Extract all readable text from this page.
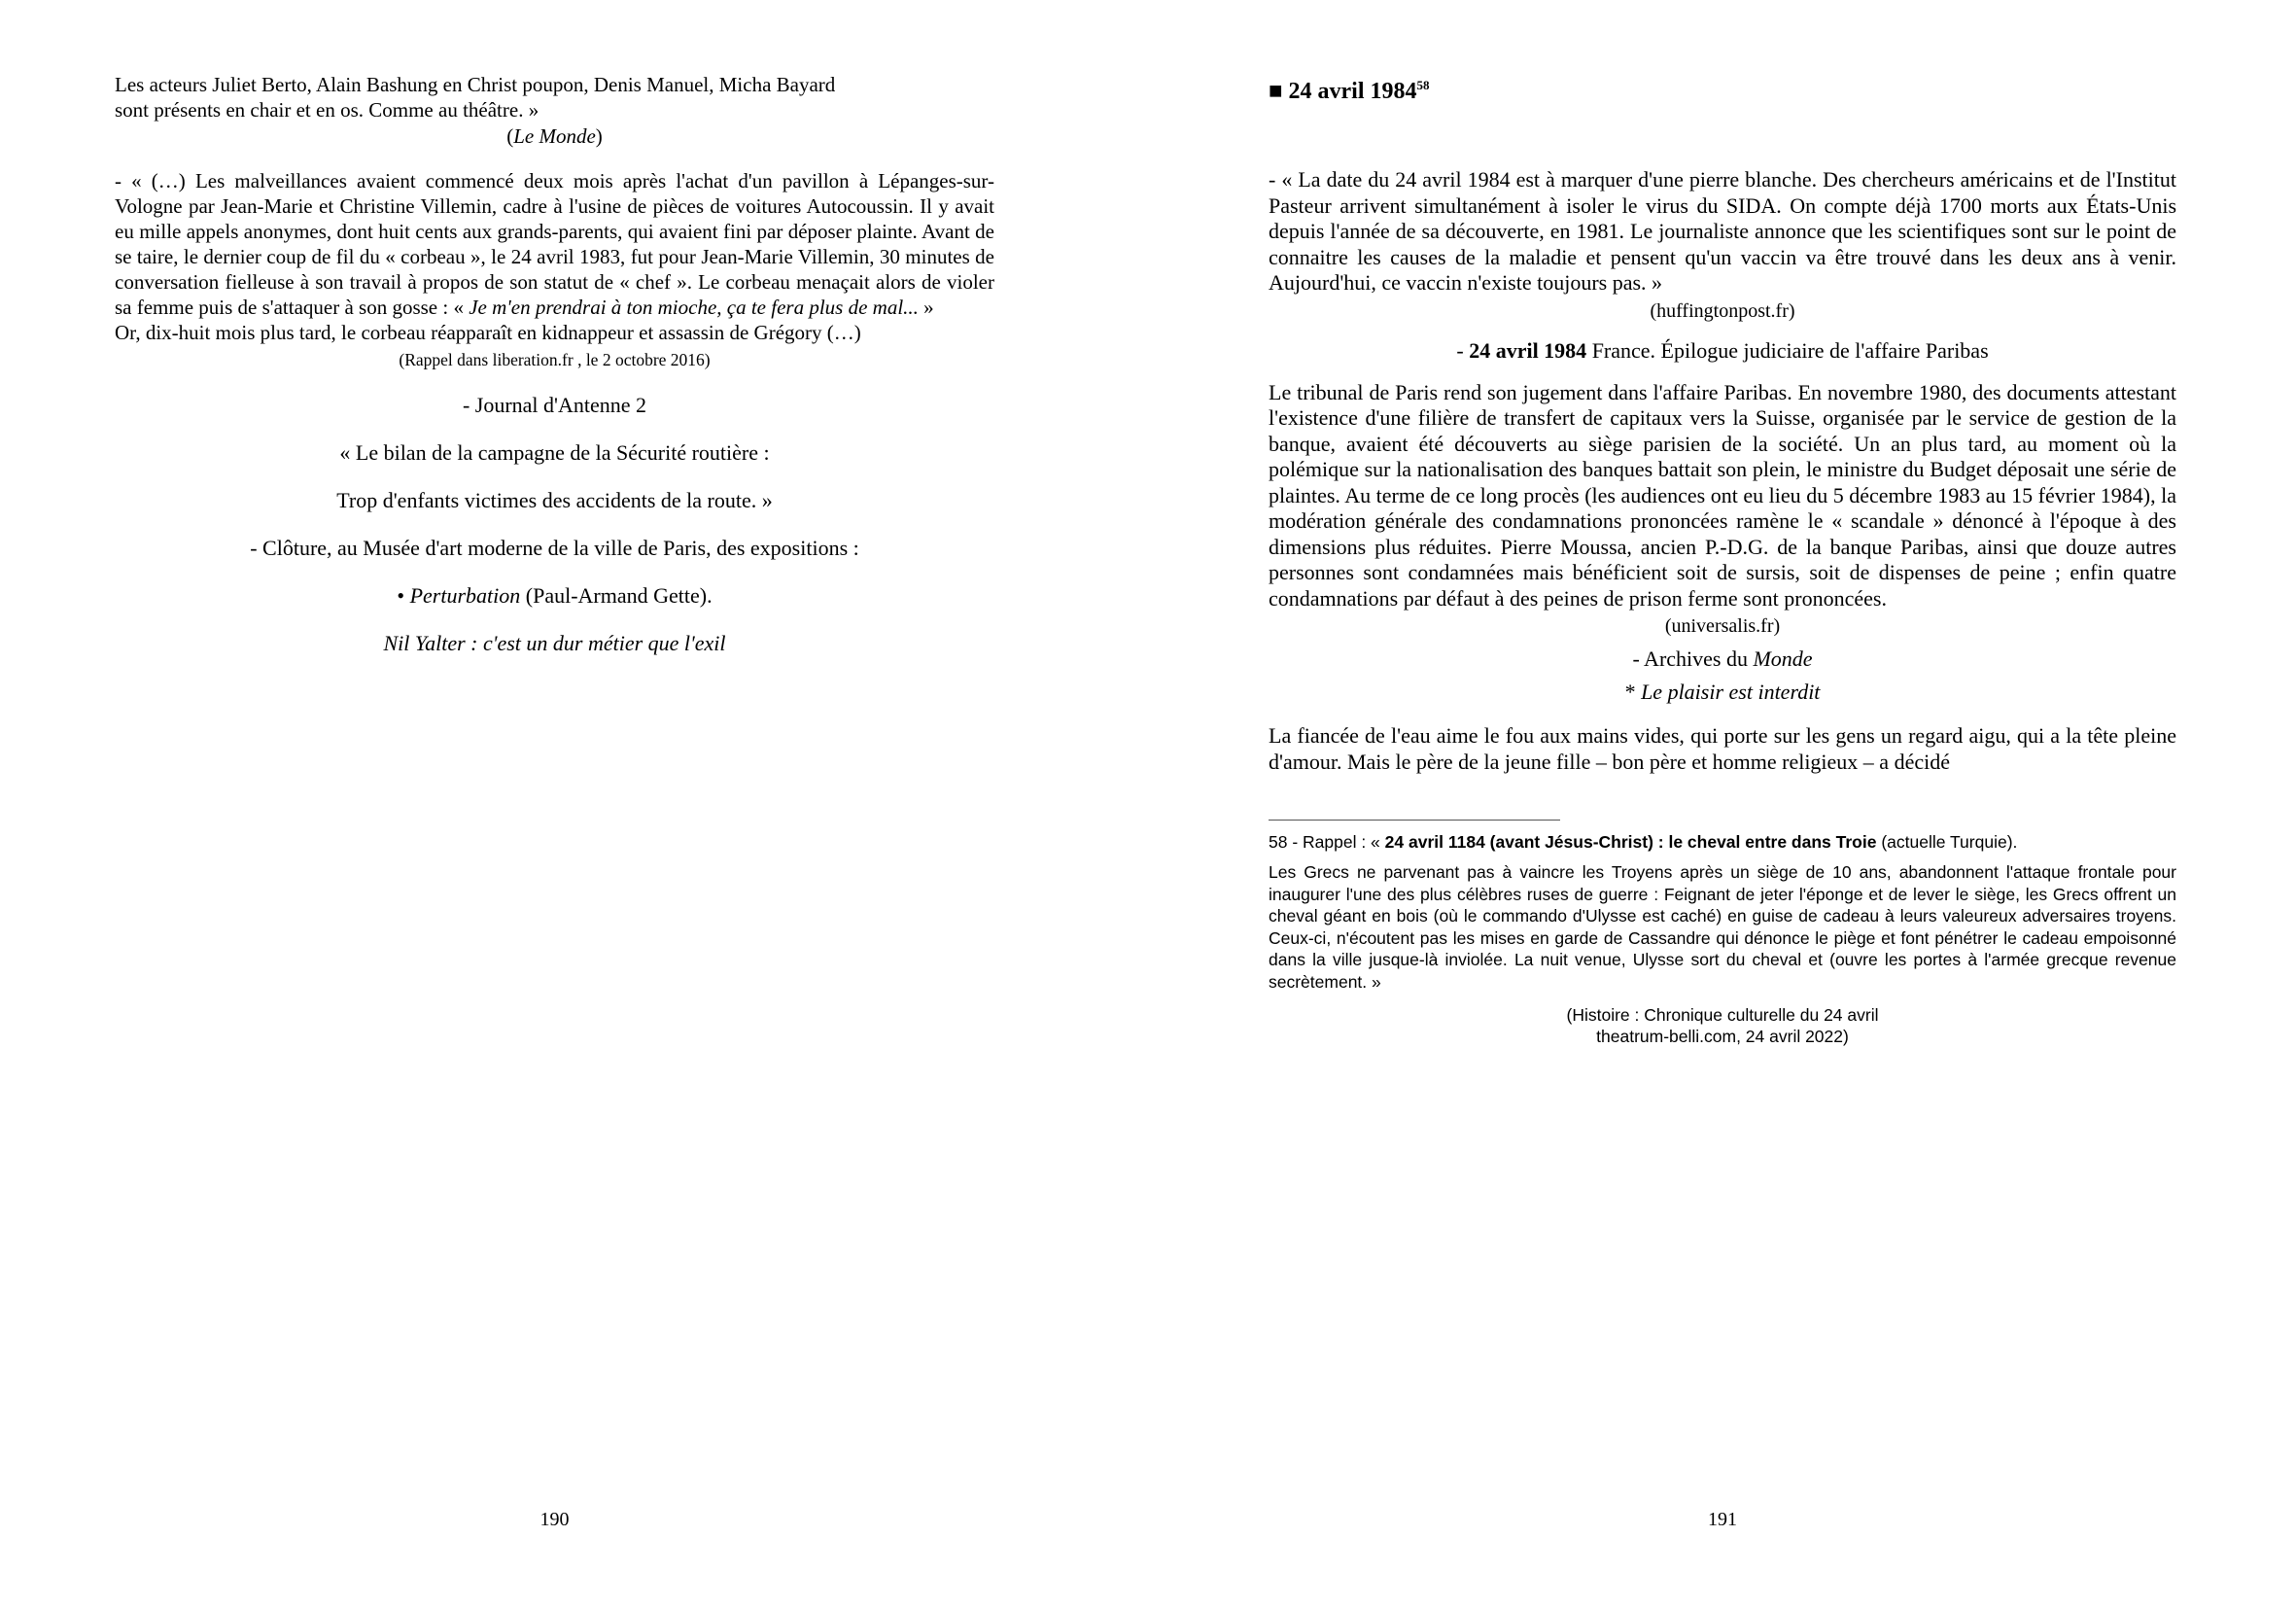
Les acteurs Juliet Berto, Alain Bashung en Christ poupon, Denis Manuel, Micha Bayard
sont présents en chair et en os. Comme au théâtre. »

(Le Monde)

- « (…) Les malveillances avaient commencé deux mois après l'achat d'un pavillon à Lépanges-sur-Vologne par Jean-Marie et Christine Villemin, cadre à l'usine de pièces de voitures Autocoussin. Il y avait eu mille appels anonymes, dont huit cents aux grands-parents, qui avaient fini par déposer plainte. Avant de se taire, le dernier coup de fil du « corbeau », le 24 avril 1983, fut pour Jean-Marie Villemin, 30 minutes de conversation fielleuse à son travail à propos de son statut de « chef ». Le corbeau menaçait alors de violer sa femme puis de s'attaquer à son gosse : « Je m'en prendrai à ton mioche, ça te fera plus de mal... »

Or, dix-huit mois plus tard, le corbeau réapparaît en kidnappeur et assassin de Grégory (…)

(Rappel dans liberation.fr , le 2 octobre 2016)

- Journal d'Antenne 2

« Le bilan de la campagne de la Sécurité routière :

Trop d'enfants victimes des accidents de la route. »

- Clôture, au Musée d'art moderne de la ville de Paris, des expositions :

• Perturbation (Paul-Armand Gette).

Nil Yalter : c'est un dur métier que l'exil

190
■ 24 avril 1984$^{58}$

- « La date du 24 avril 1984 est à marquer d'une pierre blanche. Des chercheurs américains et de l'Institut Pasteur arrivent simultanément à isoler le virus du SIDA. On compte déjà 1700 morts aux États-Unis depuis l'année de sa découverte, en 1981. Le journaliste annonce que les scientifiques sont sur le point de connaitre les causes de la maladie et pensent qu'un vaccin va être trouvé dans les deux ans à venir. Aujourd'hui, ce vaccin n'existe toujours pas. »

(huffingtonpost.fr)

- 24 avril 1984 France. Épilogue judiciaire de l'affaire Paribas

Le tribunal de Paris rend son jugement dans l'affaire Paribas. En novembre 1980, des documents attestant l'existence d'une filière de transfert de capitaux vers la Suisse, organisée par le service de gestion de la banque, avaient été découverts au siège parisien de la société. Un an plus tard, au moment où la polémique sur la nationalisation des banques battait son plein, le ministre du Budget déposait une série de plaintes. Au terme de ce long procès (les audiences ont eu lieu du 5 décembre 1983 au 15 février 1984), la modération générale des condamnations prononcées ramène le « scandale » dénoncé à l'époque à des dimensions plus réduites. Pierre Moussa, ancien P.-D.G. de la banque Paribas, ainsi que douze autres personnes sont condamnées mais bénéficient soit de sursis, soit de dispenses de peine ; enfin quatre condamnations par défaut à des peines de prison ferme sont prononcées.

(universalis.fr)

- Archives du Monde

* Le plaisir est interdit

La fiancée de l'eau aime le fou aux mains vides, qui porte sur les gens un regard aigu, qui a la tête pleine d'amour. Mais le père de la jeune fille – bon père et homme religieux – a décidé

58 - Rappel : « 24 avril 1184 (avant Jésus-Christ) : le cheval entre dans Troie (actuelle Turquie).

Les Grecs ne parvenant pas à vaincre les Troyens après un siège de 10 ans, abandonnent l'attaque frontale pour inaugurer l'une des plus célèbres ruses de guerre : Feignant de jeter l'éponge et de lever le siège, les Grecs offrent un cheval géant en bois (où le commando d'Ulysse est caché) en guise de cadeau à leurs valeureux adversaires troyens. Ceux-ci, n'écoutent pas les mises en garde de Cassandre qui dénonce le piège et font pénétrer le cadeau empoisonné dans la ville jusque-là inviolée. La nuit venue, Ulysse sort du cheval et (ouvre les portes à l'armée grecque revenue secrètement. »

(Histoire : Chronique culturelle du 24 avril

theatrum-belli.com, 24 avril 2022)

191
